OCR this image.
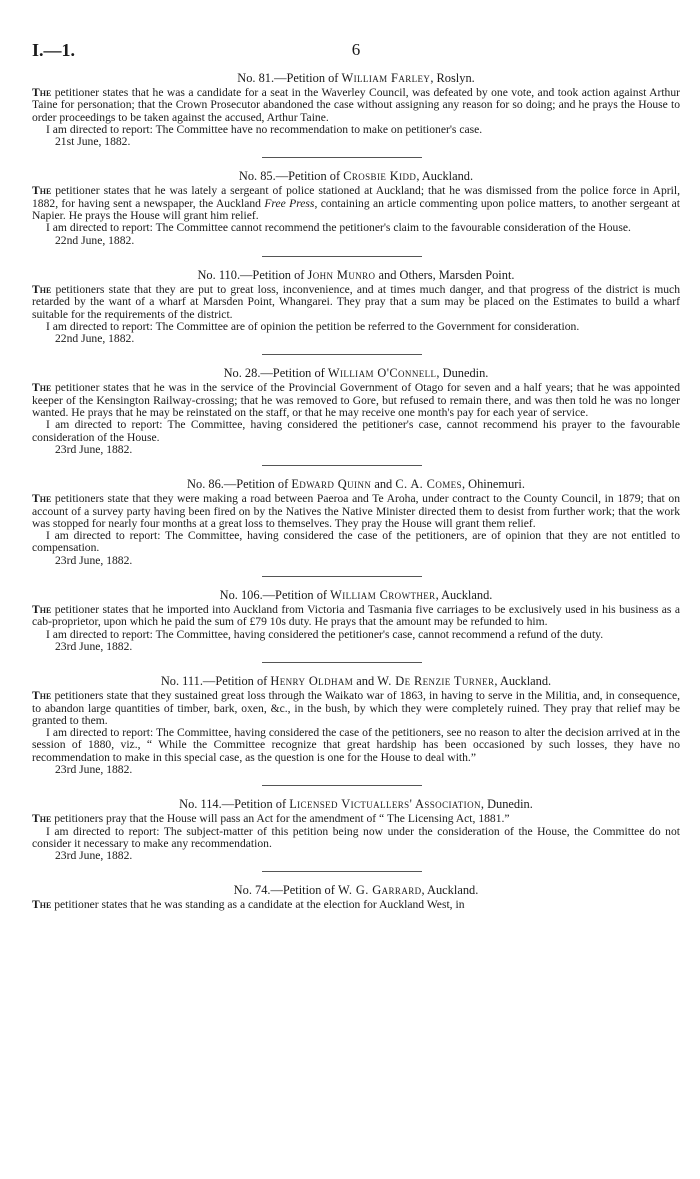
I.—1.	6
No. 81.—Petition of William Farley, Roslyn.

The petitioner states that he was a candidate for a seat in the Waverley Council, was defeated by one vote, and took action against Arthur Taine for personation; that the Crown Prosecutor abandoned the case without assigning any reason for so doing; and he prays the House to order proceedings to be taken against the accused, Arthur Taine.

I am directed to report: The Committee have no recommendation to make on petitioner's case.

21st June, 1882.

No. 85.—Petition of Crosbie Kidd, Auckland.

The petitioner states that he was lately a sergeant of police stationed at Auckland; that he was dismissed from the police force in April, 1882, for having sent a newspaper, the Auckland Free Press, containing an article commenting upon police matters, to another sergeant at Napier. He prays the House will grant him relief.

I am directed to report: The Committee cannot recommend the petitioner's claim to the favourable consideration of the House.

22nd June, 1882.

No. 110.—Petition of John Munro and Others, Marsden Point.

The petitioners state that they are put to great loss, inconvenience, and at times much danger, and that progress of the district is much retarded by the want of a wharf at Marsden Point, Whangarei. They pray that a sum may be placed on the Estimates to build a wharf suitable for the requirements of the district.

I am directed to report: The Committee are of opinion the petition be referred to the Government for consideration.

22nd June, 1882.

No. 28.—Petition of William O'Connell, Dunedin.

The petitioner states that he was in the service of the Provincial Government of Otago for seven and a half years; that he was appointed keeper of the Kensington Railway-crossing; that he was removed to Gore, but refused to remain there, and was then told he was no longer wanted. He prays that he may be reinstated on the staff, or that he may receive one month's pay for each year of service.

I am directed to report: The Committee, having considered the petitioner's case, cannot recommend his prayer to the favourable consideration of the House.

23rd June, 1882.

No. 86.—Petition of Edward Quinn and C. A. Comes, Ohinemuri.

The petitioners state that they were making a road between Paeroa and Te Aroha, under contract to the County Council, in 1879; that on account of a survey party having been fired on by the Natives the Native Minister directed them to desist from further work; that the work was stopped for nearly four months at a great loss to themselves. They pray the House will grant them relief.

I am directed to report: The Committee, having considered the case of the petitioners, are of opinion that they are not entitled to compensation.

23rd June, 1882.

No. 106.—Petition of William Crowther, Auckland.

The petitioner states that he imported into Auckland from Victoria and Tasmania five carriages to be exclusively used in his business as a cab-proprietor, upon which he paid the sum of £79 10s duty. He prays that the amount may be refunded to him.

I am directed to report: The Committee, having considered the petitioner's case, cannot recommend a refund of the duty.

23rd June, 1882.

No. 111.—Petition of Henry Oldham and W. De Renzie Turner, Auckland.

The petitioners state that they sustained great loss through the Waikato war of 1863, in having to serve in the Militia, and, in consequence, to abandon large quantities of timber, bark, oxen, &c., in the bush, by which they were completely ruined. They pray that relief may be granted to them.

I am directed to report: The Committee, having considered the case of the petitioners, see no reason to alter the decision arrived at in the session of 1880, viz., “ While the Committee recognize that great hardship has been occasioned by such losses, they have no recommendation to make in this special case, as the question is one for the House to deal with.”

23rd June, 1882.

No. 114.—Petition of Licensed Victuallers' Association, Dunedin.

The petitioners pray that the House will pass an Act for the amendment of “ The Licensing Act, 1881.”

I am directed to report: The subject-matter of this petition being now under the consideration of the House, the Committee do not consider it necessary to make any recommendation.

23rd June, 1882.

No. 74.—Petition of W. G. Garrard, Auckland.

The petitioner states that he was standing as a candidate at the election for Auckland West, in
